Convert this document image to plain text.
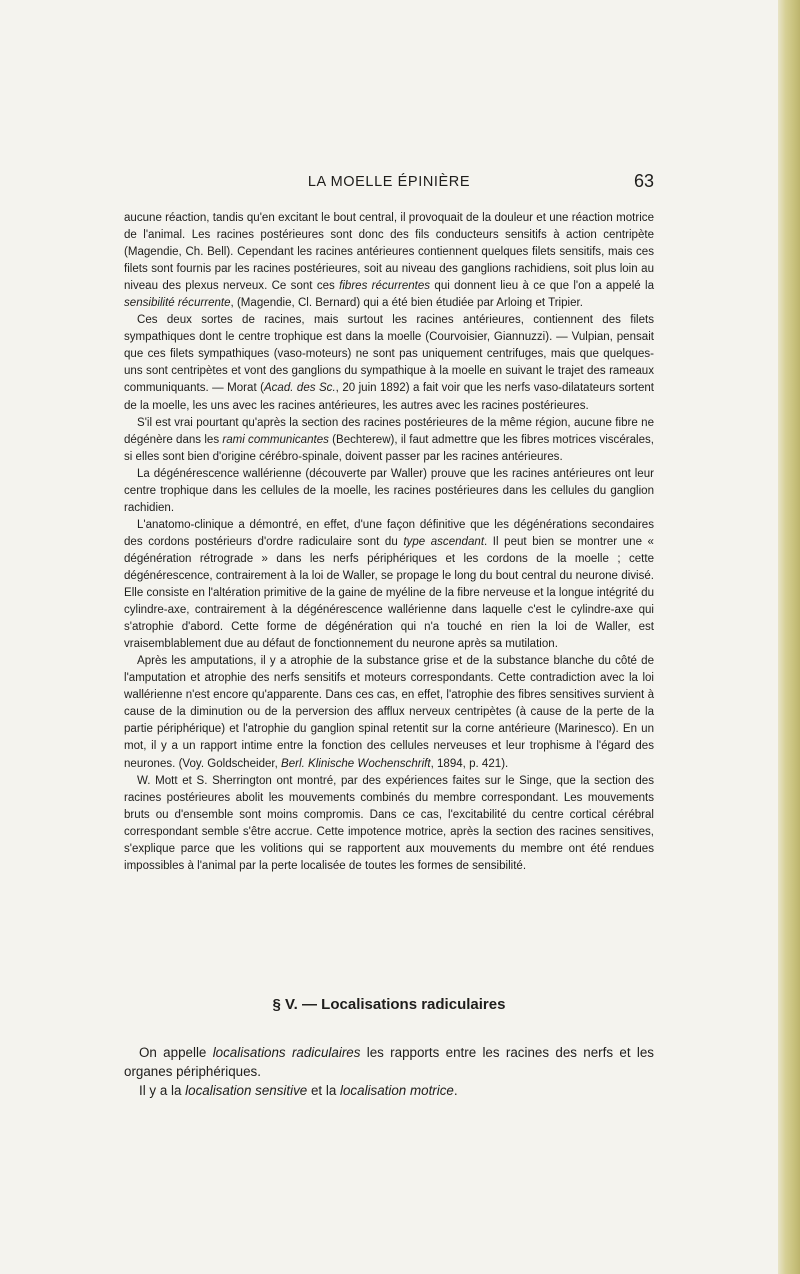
LA MOELLE ÉPINIÈRE	63

aucune réaction, tandis qu'en excitant le bout central, il provoquait de la douleur et une réaction motrice de l'animal. Les racines postérieures sont donc des fils conducteurs sensitifs à action centripète (Magendie, Ch. Bell). Cependant les racines antérieures contiennent quelques filets sensitifs, mais ces filets sont fournis par les racines postérieures, soit au niveau des ganglions rachidiens, soit plus loin au niveau des plexus nerveux. Ce sont ces fibres récurrentes qui donnent lieu à ce que l'on a appelé la sensibilité récurrente, (Magendie, Cl. Bernard) qui a été bien étudiée par Arloing et Tripier.

Ces deux sortes de racines, mais surtout les racines antérieures, contiennent des filets sympathiques dont le centre trophique est dans la moelle (Courvoisier, Giannuzzi). — Vulpian, pensait que ces filets sympathiques (vaso-moteurs) ne sont pas uniquement centrifuges, mais que quelques-uns sont centripètes et vont des ganglions du sympathique à la moelle en suivant le trajet des rameaux communiquants. — Morat (Acad. des Sc., 20 juin 1892) a fait voir que les nerfs vaso-dilatateurs sortent de la moelle, les uns avec les racines antérieures, les autres avec les racines postérieures.

S'il est vrai pourtant qu'après la section des racines postérieures de la même région, aucune fibre ne dégénère dans les rami communicantes (Bechterew), il faut admettre que les fibres motrices viscérales, si elles sont bien d'origine cérébro-spinale, doivent passer par les racines antérieures.

La dégénérescence wallérienne (découverte par Waller) prouve que les racines antérieures ont leur centre trophique dans les cellules de la moelle, les racines postérieures dans les cellules du ganglion rachidien.

L'anatomo-clinique a démontré, en effet, d'une façon définitive que les dégénérations secondaires des cordons postérieurs d'ordre radiculaire sont du type ascendant. Il peut bien se montrer une « dégénération rétrograde » dans les nerfs périphériques et les cordons de la moelle ; cette dégénérescence, contrairement à la loi de Waller, se propage le long du bout central du neurone divisé. Elle consiste en l'altération primitive de la gaine de myéline de la fibre nerveuse et la longue intégrité du cylindre-axe, contrairement à la dégénérescence wallérienne dans laquelle c'est le cylindre-axe qui s'atrophie d'abord. Cette forme de dégénération qui n'a touché en rien la loi de Waller, est vraisemblablement due au défaut de fonctionnement du neurone après sa mutilation.

Après les amputations, il y a atrophie de la substance grise et de la substance blanche du côté de l'amputation et atrophie des nerfs sensitifs et moteurs correspondants. Cette contradiction avec la loi wallérienne n'est encore qu'apparente. Dans ces cas, en effet, l'atrophie des fibres sensitives survient à cause de la diminution ou de la perversion des afflux nerveux centripètes (à cause de la perte de la partie périphérique) et l'atrophie du ganglion spinal retentit sur la corne antérieure (Marinesco). En un mot, il y a un rapport intime entre la fonction des cellules nerveuses et leur trophisme à l'égard des neurones. (Voy. Goldscheider, Berl. Klinische Wochenschrift, 1894, p. 421).

W. Mott et S. Sherrington ont montré, par des expériences faites sur le Singe, que la section des racines postérieures abolit les mouvements combinés du membre correspondant. Les mouvements bruts ou d'ensemble sont moins compromis. Dans ce cas, l'excitabilité du centre cortical cérébral correspondant semble s'être accrue. Cette impotence motrice, après la section des racines sensitives, s'explique parce que les volitions qui se rapportent aux mouvements du membre ont été rendues impossibles à l'animal par la perte localisée de toutes les formes de sensibilité.

§ V. — Localisations radiculaires

On appelle localisations radiculaires les rapports entre les racines des nerfs et les organes périphériques.

Il y a la localisation sensitive et la localisation motrice.
